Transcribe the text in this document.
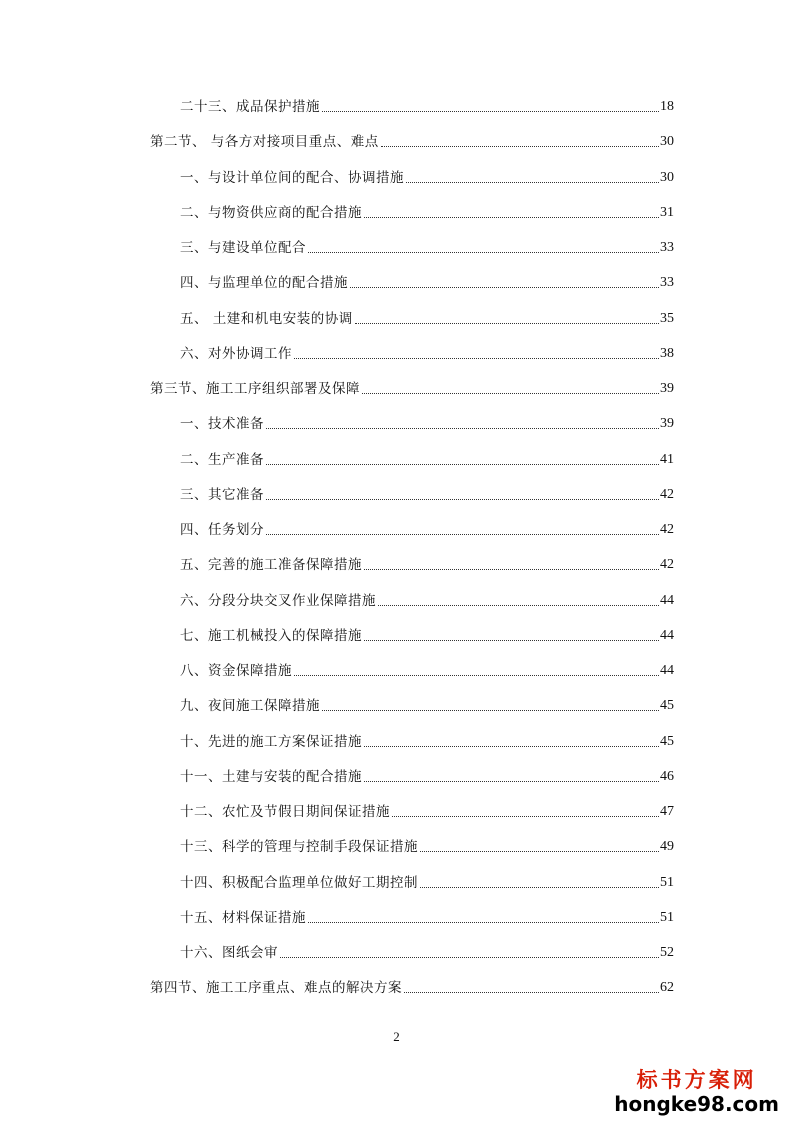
二十三、成品保护措施	18
第二节、 与各方对接项目重点、难点	30
一、与设计单位间的配合、协调措施	30
二、与物资供应商的配合措施	31
三、与建设单位配合	33
四、与监理单位的配合措施	33
五、 土建和机电安装的协调	35
六、对外协调工作	38
第三节、施工工序组织部署及保障	39
一、技术准备	39
二、生产准备	41
三、其它准备	42
四、任务划分	42
五、完善的施工准备保障措施	42
六、分段分块交叉作业保障措施	44
七、施工机械投入的保障措施	44
八、资金保障措施	44
九、夜间施工保障措施	45
十、先进的施工方案保证措施	45
十一、土建与安装的配合措施	46
十二、农忙及节假日期间保证措施	47
十三、科学的管理与控制手段保证措施	49
十四、积极配合监理单位做好工期控制	51
十五、材料保证措施	51
十六、图纸会审	52
第四节、施工工序重点、难点的解决方案	62
2
标书方案网
hongke98.com
